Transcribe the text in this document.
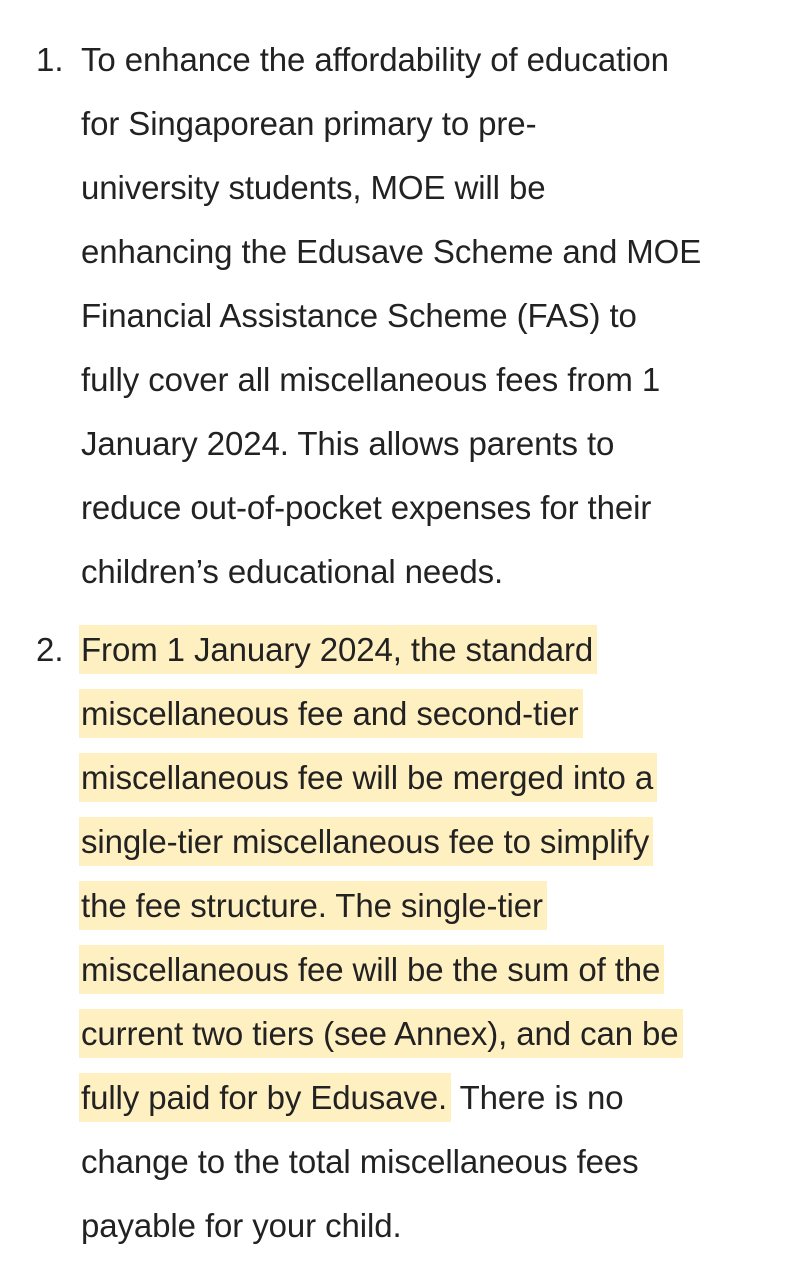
1. To enhance the affordability of education
for Singaporean primary to pre-
university students, MOE will be
enhancing the Edusave Scheme and MOE
Financial Assistance Scheme (FAS) to
fully cover all miscellaneous fees from 1
January 2024. This allows parents to
reduce out-of-pocket expenses for their
children’s educational needs.
2. From 1 January 2024, the standard
miscellaneous fee and second-tier
miscellaneous fee will be merged into a
single-tier miscellaneous fee to simplify
the fee structure. The single-tier
miscellaneous fee will be the sum of the
current two tiers (see Annex), and can be
fully paid for by Edusave. There is no
change to the total miscellaneous fees
payable for your child.
